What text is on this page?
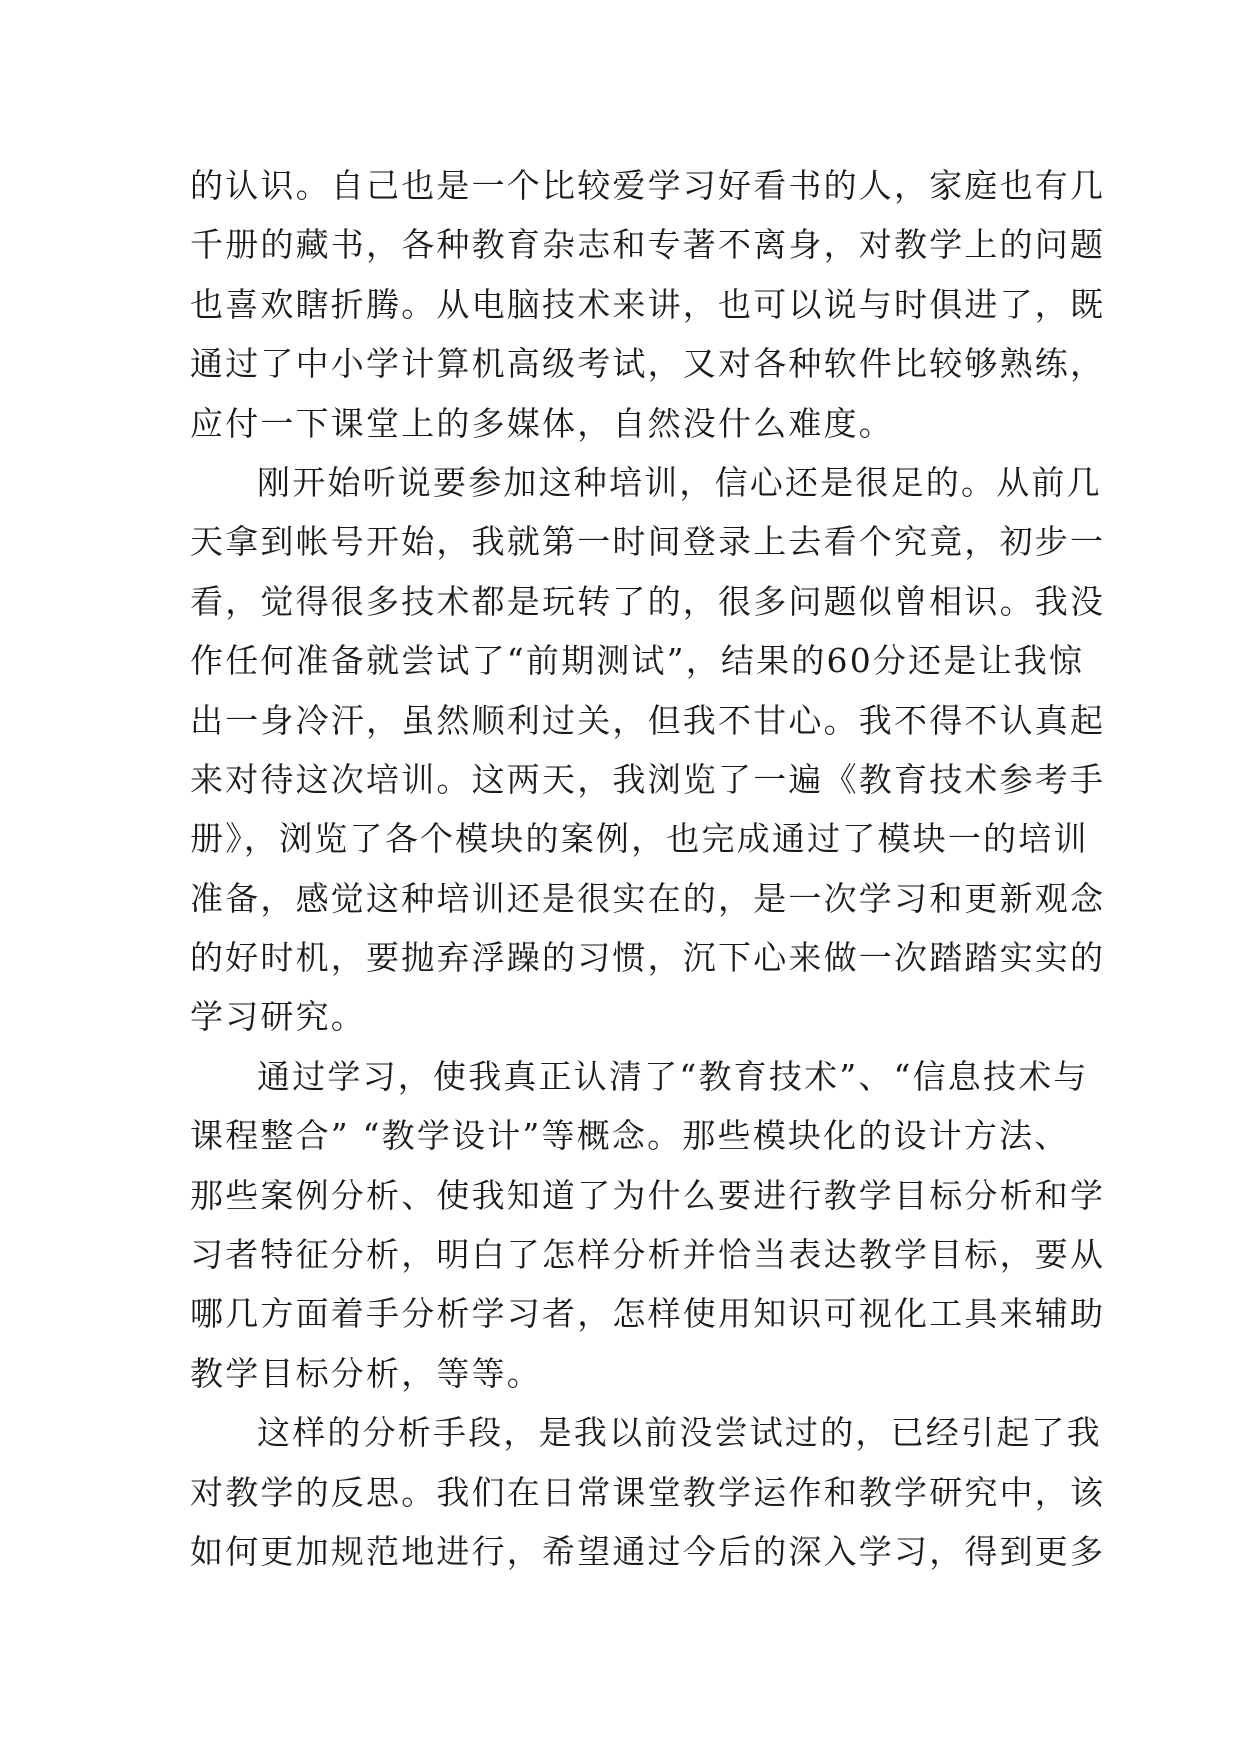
的认识。自己也是一个比较爱学习好看书的人，家庭也有几
千册的藏书，各种教育杂志和专著不离身，对教学上的问题
也喜欢瞎折腾。从电脑技术来讲，也可以说与时俱进了，既
通过了中小学计算机高级考试，又对各种软件比较够熟练，
应付一下课堂上的多媒体，自然没什么难度。
刚开始听说要参加这种培训，信心还是很足的。从前几
天拿到帐号开始，我就第一时间登录上去看个究竟，初步一
看，觉得很多技术都是玩转了的，很多问题似曾相识。我没
作任何准备就尝试了“前期测试”，结果的60分还是让我惊
出一身冷汗，虽然顺利过关，但我不甘心。我不得不认真起
来对待这次培训。这两天，我浏览了一遍《教育技术参考手
册》，浏览了各个模块的案例，也完成通过了模块一的培训
准备，感觉这种培训还是很实在的，是一次学习和更新观念
的好时机，要抛弃浮躁的习惯，沉下心来做一次踏踏实实的
学习研究。
通过学习，使我真正认清了“教育技术”、“信息技术与
课程整合” “教学设计”等概念。那些模块化的设计方法、
那些案例分析、使我知道了为什么要进行教学目标分析和学
习者特征分析，明白了怎样分析并恰当表达教学目标，要从
哪几方面着手分析学习者，怎样使用知识可视化工具来辅助
教学目标分析，等等。
这样的分析手段，是我以前没尝试过的，已经引起了我
对教学的反思。我们在日常课堂教学运作和教学研究中，该
如何更加规范地进行，希望通过今后的深入学习，得到更多
